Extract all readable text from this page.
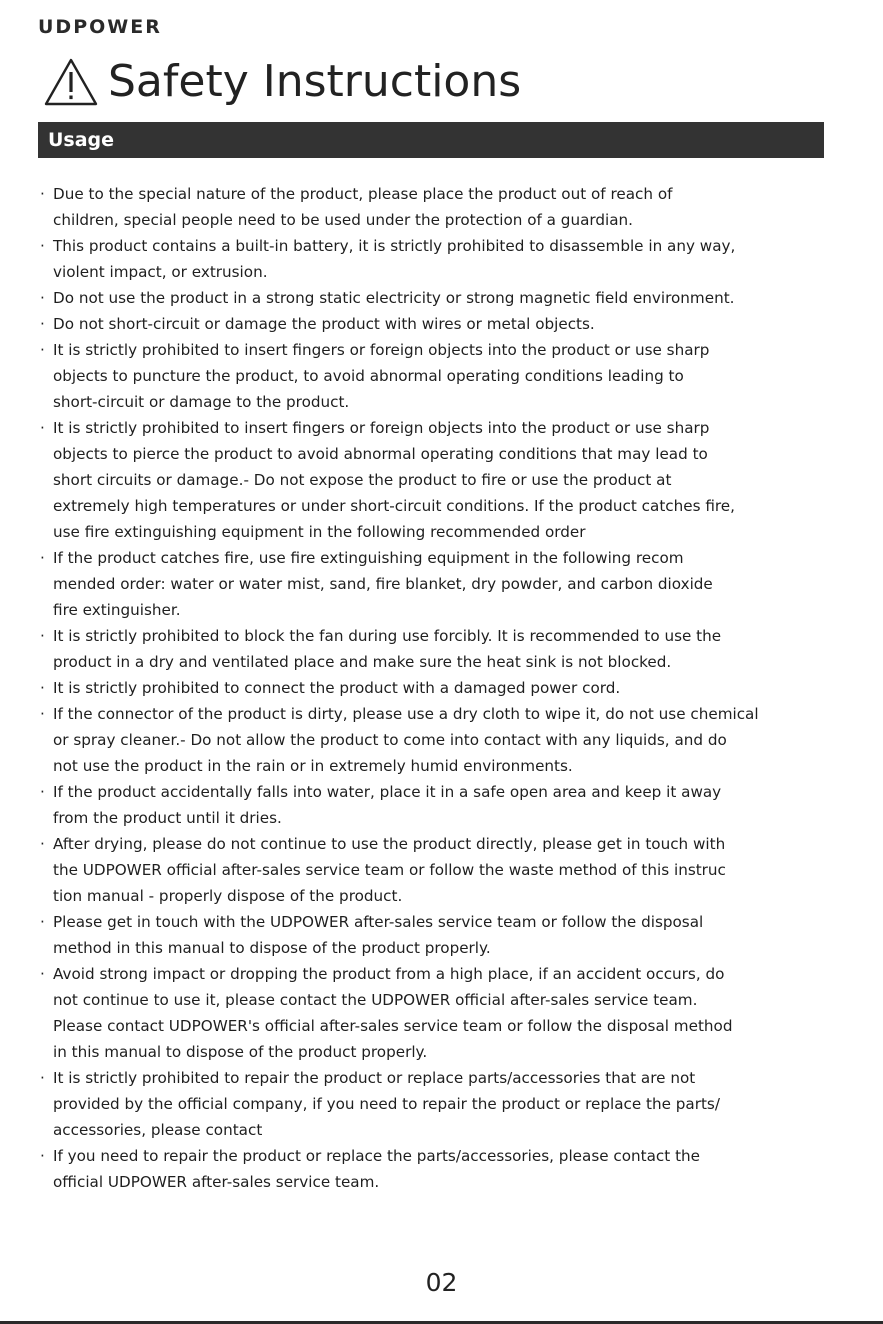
UDPOWER
Safety Instructions
Usage
· Due to the special nature of the product, please place the product out of reach of
children, special people need to be used under the protection of a guardian.
· This product contains a built-in battery, it is strictly prohibited to disassemble in any way,
violent impact, or extrusion.
· Do not use the product in a strong static electricity or strong magnetic field environment.
· Do not short-circuit or damage the product with wires or metal objects.
· It is strictly prohibited to insert fingers or foreign objects into the product or use sharp
objects to puncture the product, to avoid abnormal operating conditions leading to
short-circuit or damage to the product.
· It is strictly prohibited to insert fingers or foreign objects into the product or use sharp
objects to pierce the product to avoid abnormal operating conditions that may lead to
short circuits or damage.- Do not expose the product to fire or use the product at
extremely high temperatures or under short-circuit conditions. If the product catches fire,
use fire extinguishing equipment in the following recommended order
· If the product catches fire, use fire extinguishing equipment in the following recom
mended order: water or water mist, sand, fire blanket, dry powder, and carbon dioxide
fire extinguisher.
· It is strictly prohibited to block the fan during use forcibly. It is recommended to use the
product in a dry and ventilated place and make sure the heat sink is not blocked.
· It is strictly prohibited to connect the product with a damaged power cord.
· If the connector of the product is dirty, please use a dry cloth to wipe it, do not use chemical
or spray cleaner.- Do not allow the product to come into contact with any liquids, and do
not use the product in the rain or in extremely humid environments.
· If the product accidentally falls into water, place it in a safe open area and keep it away
from the product until it dries.
· After drying, please do not continue to use the product directly, please get in touch with
the UDPOWER official after-sales service team or follow the waste method of this instruc
tion manual - properly dispose of the product.
· Please get in touch with the UDPOWER after-sales service team or follow the disposal
method in this manual to dispose of the product properly.
· Avoid strong impact or dropping the product from a high place, if an accident occurs, do
not continue to use it, please contact the UDPOWER official after-sales service team.
Please contact UDPOWER's official after-sales service team or follow the disposal method
in this manual to dispose of the product properly.
· It is strictly prohibited to repair the product or replace parts/accessories that are not
provided by the official company, if you need to repair the product or replace the parts/
accessories, please contact
· If you need to repair the product or replace the parts/accessories, please contact the
official UDPOWER after-sales service team.
02
